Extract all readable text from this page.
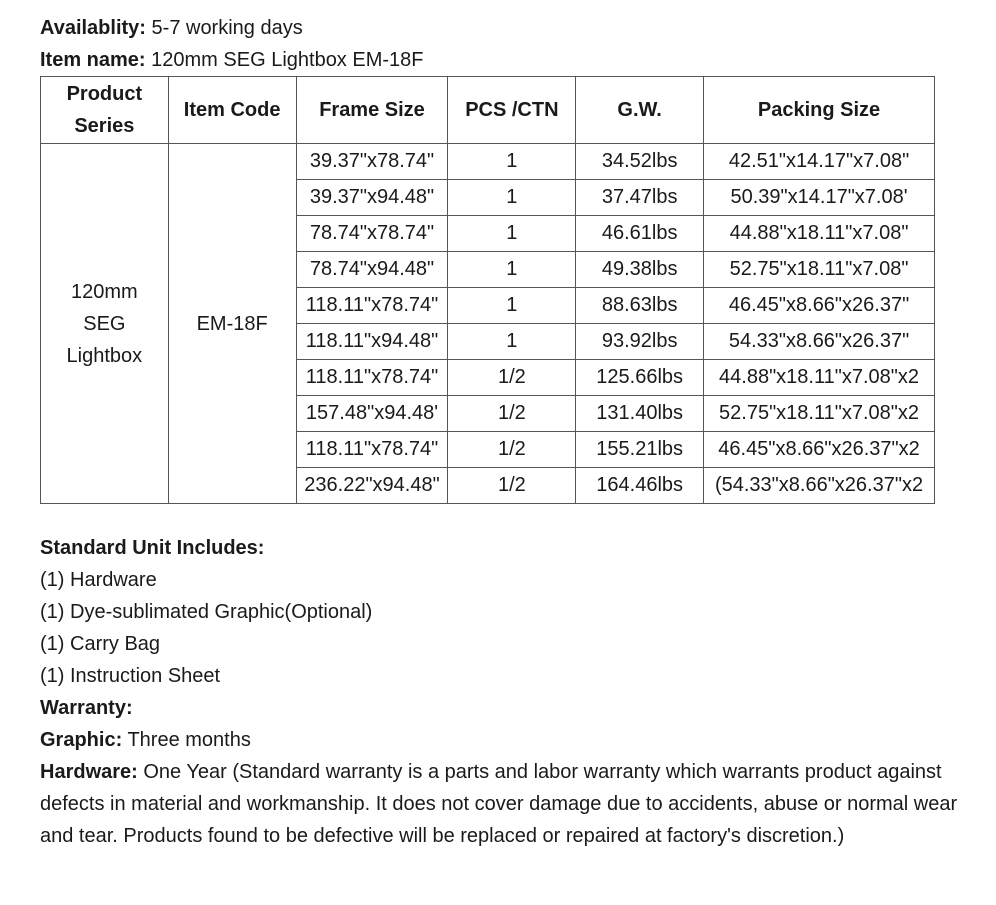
Availablity: 5-7 working days
Item name: 120mm SEG Lightbox EM-18F
Product
Series	Item Code	Frame Size	PCS /CTN	G.W.	Packing Size

120mm
SEG
Lightbox	EM-18F	39.37"x78.74"	1	34.52lbs	42.51"x14.17"x7.08"
		39.37"x94.48"	1	37.47lbs	50.39"x14.17"x7.08'
		78.74"x78.74"	1	46.61lbs	44.88"x18.11"x7.08"
		78.74"x94.48"	1	49.38lbs	52.75"x18.11"x7.08"
		118.11"x78.74"	1	88.63lbs	46.45"x8.66"x26.37"
		118.11"x94.48"	1	93.92lbs	54.33"x8.66"x26.37"
		118.11"x78.74"	1/2	125.66lbs	44.88"x18.11"x7.08"x2
		157.48"x94.48'	1/2	131.40lbs	52.75"x18.11"x7.08"x2
		118.11"x78.74"	1/2	155.21lbs	46.45"x8.66"x26.37"x2
		236.22"x94.48"	1/2	164.46lbs	(54.33"x8.66"x26.37"x2
Standard Unit Includes:
(1) Hardware
(1) Dye-sublimated Graphic(Optional)
(1) Carry Bag
(1) Instruction Sheet
Warranty:
Graphic: Three months
Hardware: One Year (Standard warranty is a parts and labor warranty which warrants product against defects in material and workmanship. It does not cover damage due to accidents, abuse or normal wear and tear. Products found to be defective will be replaced or repaired at factory's discretion.)
